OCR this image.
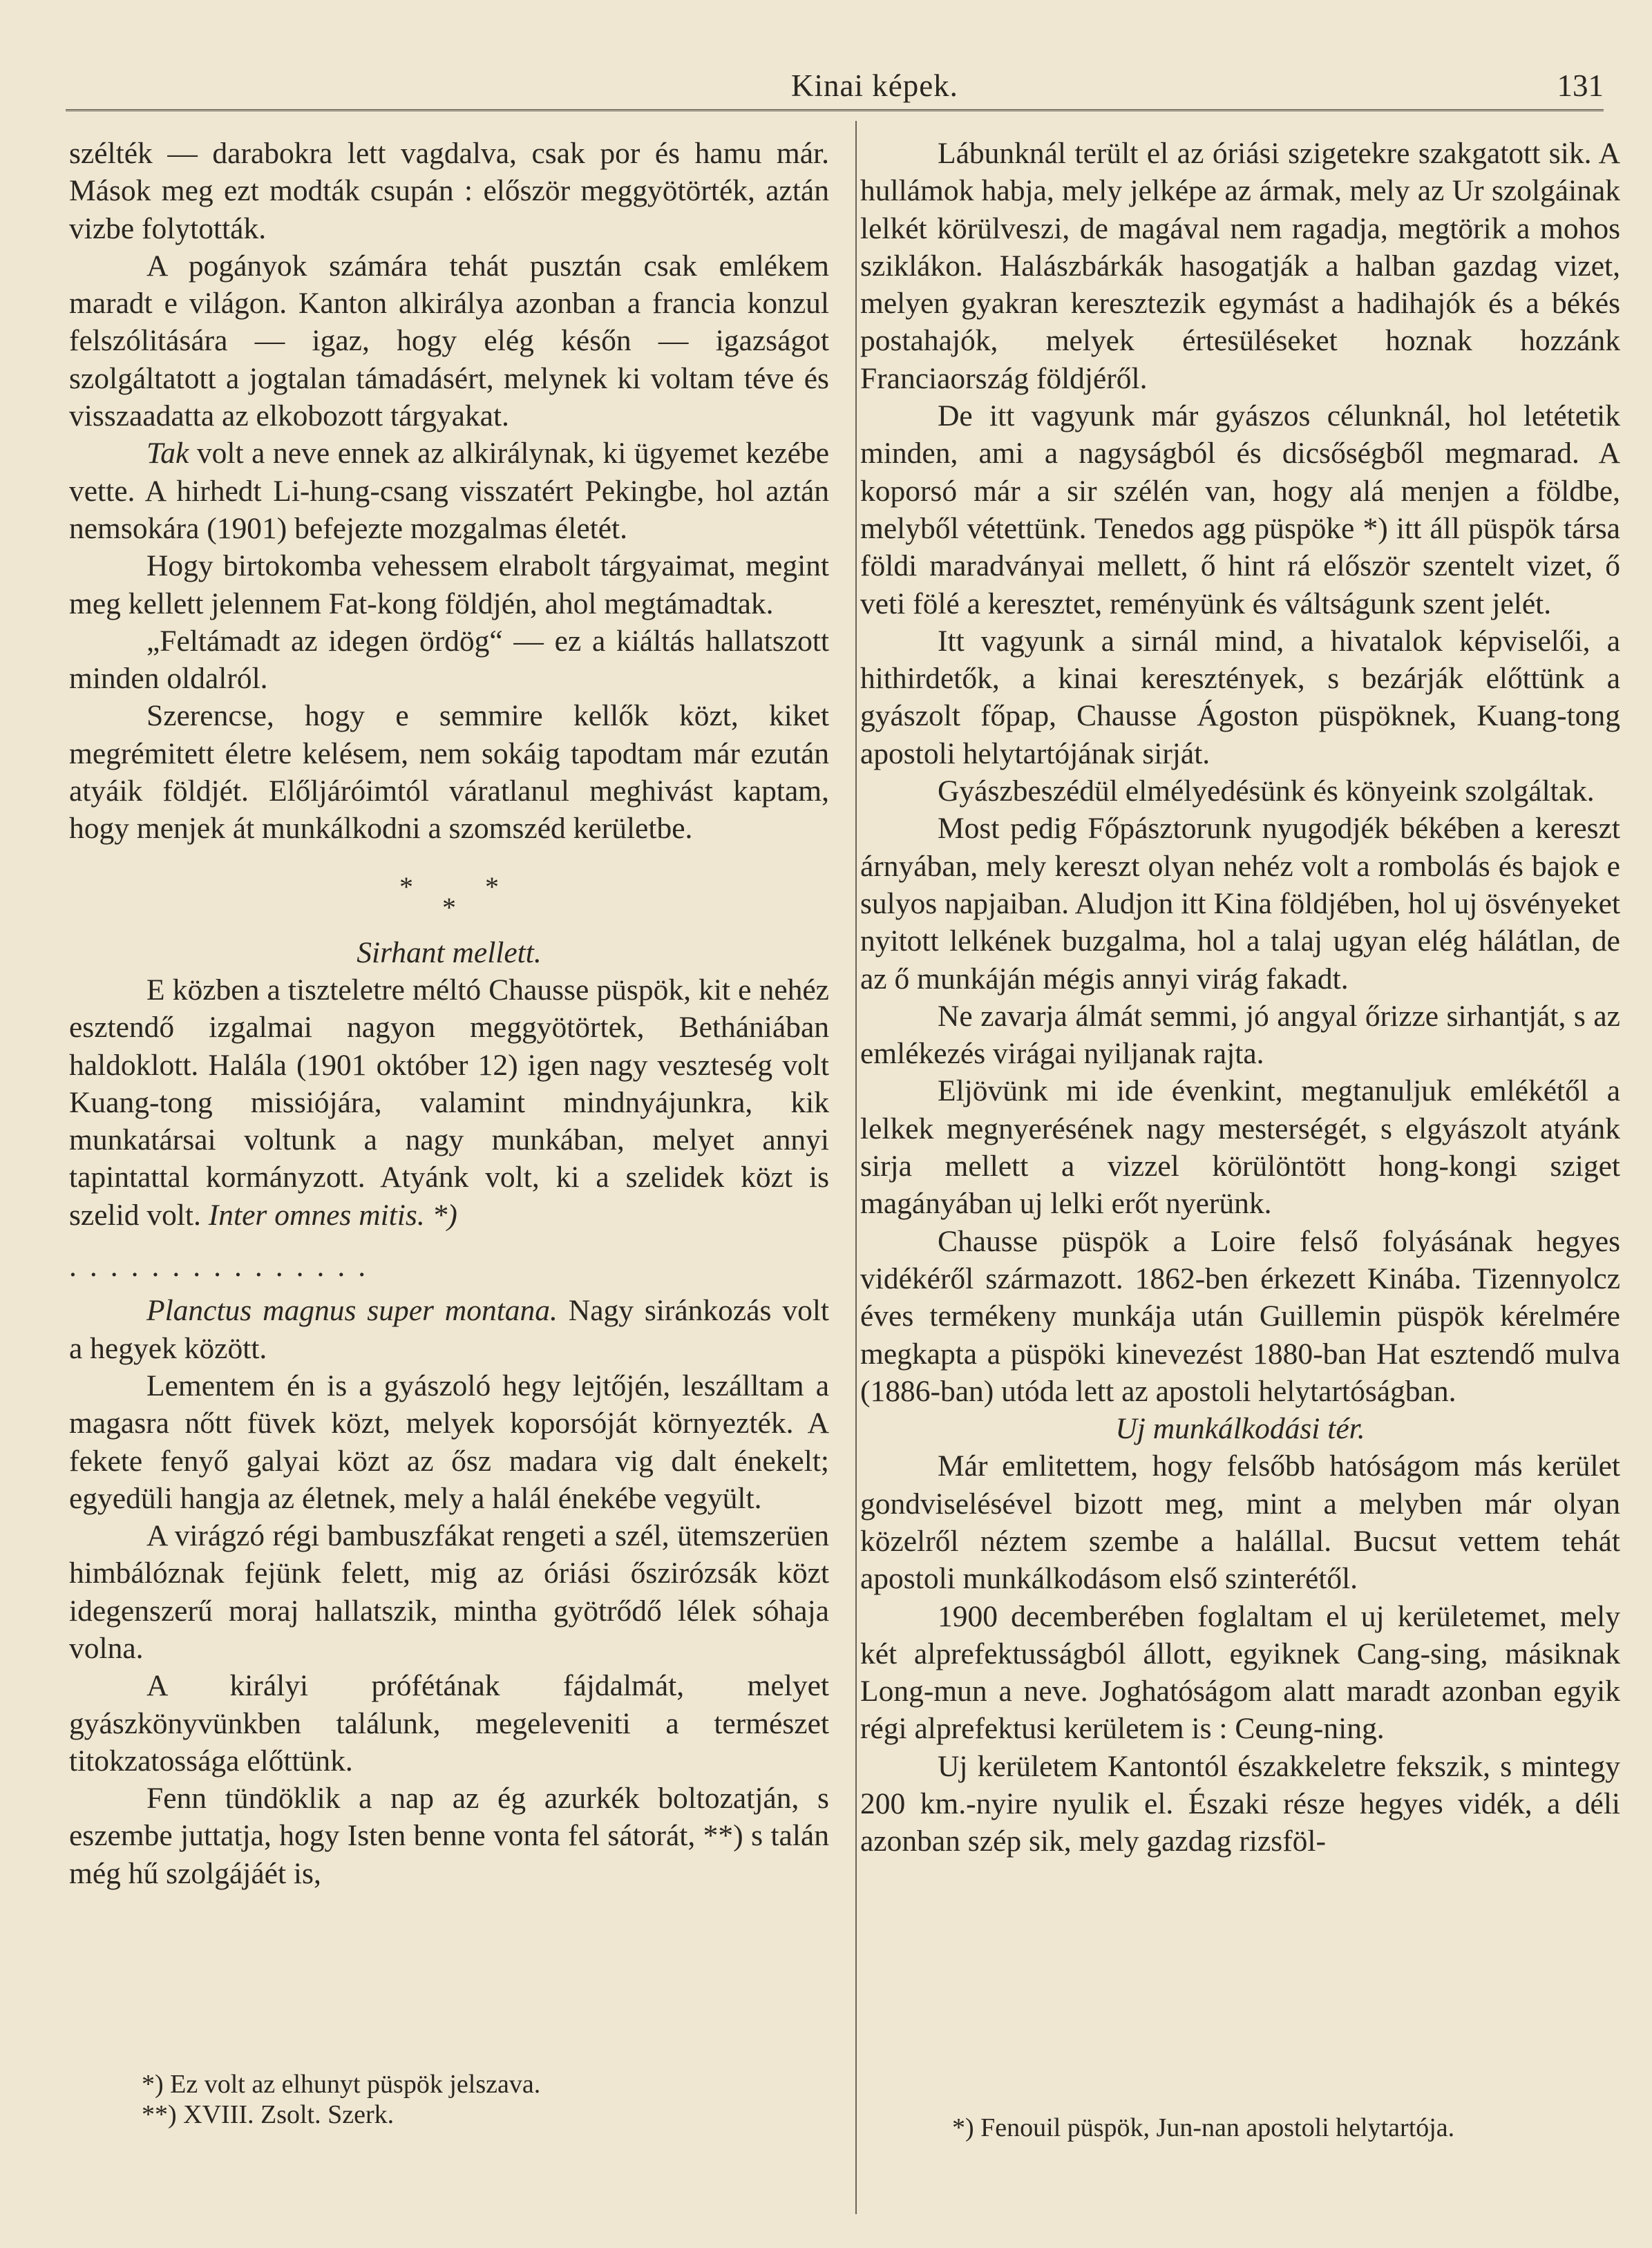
Kinai képek.	131

szélték — darabokra lett vagdalva, csak por és hamu már. Mások meg ezt modták csupán : először meggyötörték, aztán vizbe folytották.

A pogányok számára tehát pusztán csak emlékem maradt e világon. Kanton alkirálya azonban a francia konzul felszólitására — igaz, hogy elég későn — igazságot szolgáltatott a jogtalan támadásért, melynek ki voltam téve és visszaadatta az elkobozott tárgyakat.

Tak volt a neve ennek az alkirálynak, ki ügyemet kezébe vette. A hirhedt Li-hung-csang visszatért Pekingbe, hol aztán nemsokára (1901) befejezte mozgalmas életét.

Hogy birtokomba vehessem elrabolt tárgyaimat, megint meg kellett jelennem Fat-kong földjén, ahol megtámadtak.

„Feltámadt az idegen ördög“ — ez a kiáltás hallatszott minden oldalról.

Szerencse, hogy e semmire kellők közt, kiket megrémitett életre kelésem, nem sokáig tapodtam már ezután atyáik földjét. Előljáróimtól váratlanul meghivást kaptam, hogy menjek át munkálkodni a szomszéd kerületbe.

*	*
*

Sirhant mellett.

E közben a tiszteletre méltó Chausse püspök, kit e nehéz esztendő izgalmai nagyon meggyötörtek, Bethániában haldoklott. Halála (1901 október 12) igen nagy veszteség volt Kuang-tong missiójára, valamint mindnyájunkra, kik munkatársai voltunk a nagy munkában, melyet annyi tapintattal kormányzott. Atyánk volt, ki a szelidek közt is szelid volt. Inter omnes mitis. *)

...............

Planctus magnus super montana. Nagy siránkozás volt a hegyek között.

Lementem én is a gyászoló hegy lejtőjén, leszálltam a magasra nőtt füvek közt, melyek koporsóját környezték. A fekete fenyő galyai közt az ősz madara vig dalt énekelt; egyedüli hangja az életnek, mely a halál énekébe vegyült.

A virágzó régi bambuszfákat rengeti a szél, ütemszerüen himbálóznak fejünk felett, mig az óriási őszirózsák közt idegenszerű moraj hallatszik, mintha gyötrődő lélek sóhaja volna.

A királyi prófétának fájdalmát, melyet gyászkönyvünkben találunk, megeleveniti a természet titokzatossága előttünk.

Fenn tündöklik a nap az ég azurkék boltozatján, s eszembe juttatja, hogy Isten benne vonta fel sátorát, **) s talán még hű szolgájáét is,

*) Ez volt az elhunyt püspök jelszava.
**) XVIII. Zsolt. Szerk.

Lábunknál terült el az óriási szigetekre szakgatott sik. A hullámok habja, mely jelképe az ármak, mely az Ur szolgáinak lelkét körülveszi, de magával nem ragadja, megtörik a mohos sziklákon. Halászbárkák hasogatják a halban gazdag vizet, melyen gyakran keresztezik egymást a hadihajók és a békés postahajók, melyek értesüléseket hoznak hozzánk Franciaország földjéről.

De itt vagyunk már gyászos célunknál, hol letétetik minden, ami a nagyságból és dicsőségből megmarad. A koporsó már a sir szélén van, hogy alá menjen a földbe, melyből vétettünk. Tenedos agg püspöke *) itt áll püspök társa földi maradványai mellett, ő hint rá először szentelt vizet, ő veti fölé a keresztet, reményünk és váltságunk szent jelét.

Itt vagyunk a sirnál mind, a hivatalok képviselői, a hithirdetők, a kinai keresztények, s bezárják előttünk a gyászolt főpap, Chausse Ágoston püspöknek, Kuang-tong apostoli helytartójának sirját.

Gyászbeszédül elmélyedésünk és könyeink szolgáltak.

Most pedig Főpásztorunk nyugodjék békében a kereszt árnyában, mely kereszt olyan nehéz volt a rombolás és bajok e sulyos napjaiban. Aludjon itt Kina földjében, hol uj ösvényeket nyitott lelkének buzgalma, hol a talaj ugyan elég hálátlan, de az ő munkáján mégis annyi virág fakadt.

Ne zavarja álmát semmi, jó angyal őrizze sirhantját, s az emlékezés virágai nyiljanak rajta.

Eljövünk mi ide évenkint, megtanuljuk emlékétől a lelkek megnyerésének nagy mesterségét, s elgyászolt atyánk sirja mellett a vizzel körülöntött hong-kongi sziget magányában uj lelki erőt nyerünk.

Chausse püspök a Loire felső folyásának hegyes vidékéről származott. 1862-ben érkezett Kinába. Tizennyolcz éves termékeny munkája után Guillemin püspök kérelmére megkapta a püspöki kinevezést 1880-ban Hat esztendő mulva (1886-ban) utóda lett az apostoli helytartóságban.

Uj munkálkodási tér.

Már emlitettem, hogy felsőbb hatóságom más kerület gondviselésével bizott meg, mint a melyben már olyan közelről néztem szembe a halállal. Bucsut vettem tehát apostoli munkálkodásom első szinterétől.

1900 decemberében foglaltam el uj kerületemet, mely két alprefektusságból állott, egyiknek Cang-sing, másiknak Long-mun a neve. Joghatóságom alatt maradt azonban egyik régi alprefektusi kerületem is : Ceung-ning.

Uj kerületem Kantontól északkeletre fekszik, s mintegy 200 km.-nyire nyulik el. Északi része hegyes vidék, a déli azonban szép sik, mely gazdag rizsföl-

*) Fenouil püspök, Jun-nan apostoli helytartója.
